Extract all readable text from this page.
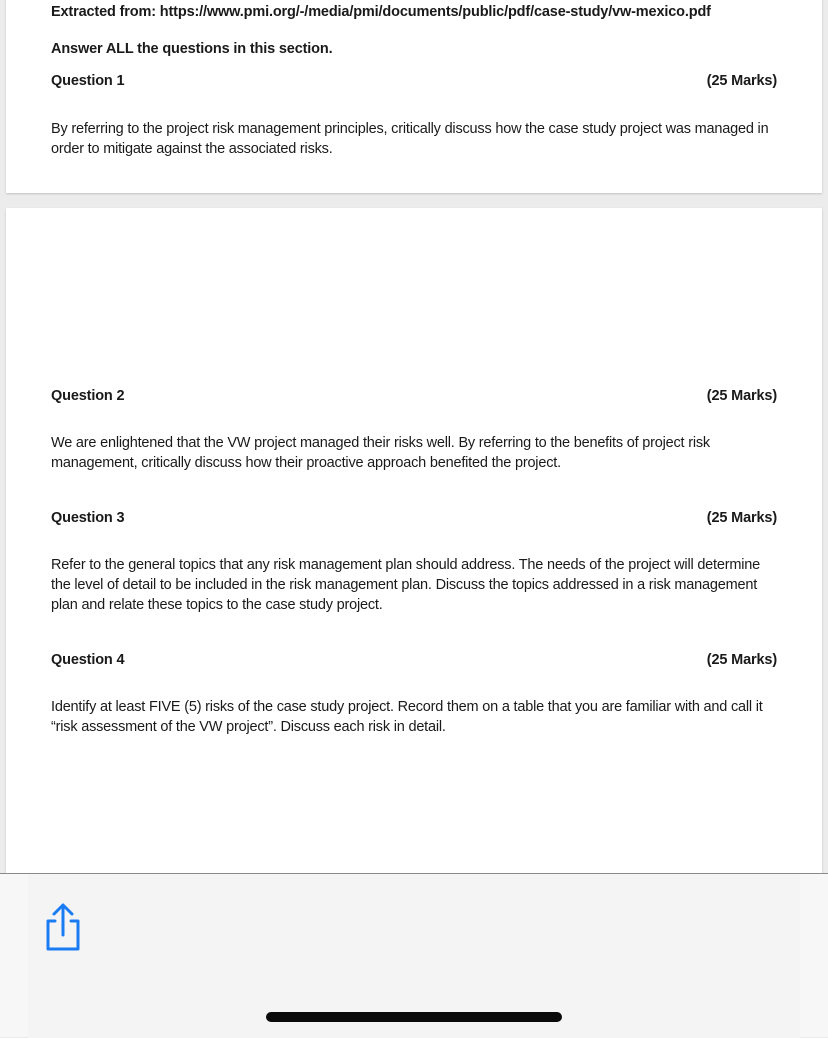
Extracted from: https://www.pmi.org/-/media/pmi/documents/public/pdf/case-study/vw-mexico.pdf
Answer ALL the questions in this section.
Question 1	(25 Marks)
By referring to the project risk management principles, critically discuss how the case study project was managed in order to mitigate against the associated risks.
Question 2	(25 Marks)
We are enlightened that the VW project managed their risks well. By referring to the benefits of project risk management, critically discuss how their proactive approach benefited the project.
Question 3	(25 Marks)
Refer to the general topics that any risk management plan should address. The needs of the project will determine the level of detail to be included in the risk management plan. Discuss the topics addressed in a risk management plan and relate these topics to the case study project.
Question 4	(25 Marks)
Identify at least FIVE (5) risks of the case study project. Record them on a table that you are familiar with and call it “risk assessment of the VW project”. Discuss each risk in detail.
